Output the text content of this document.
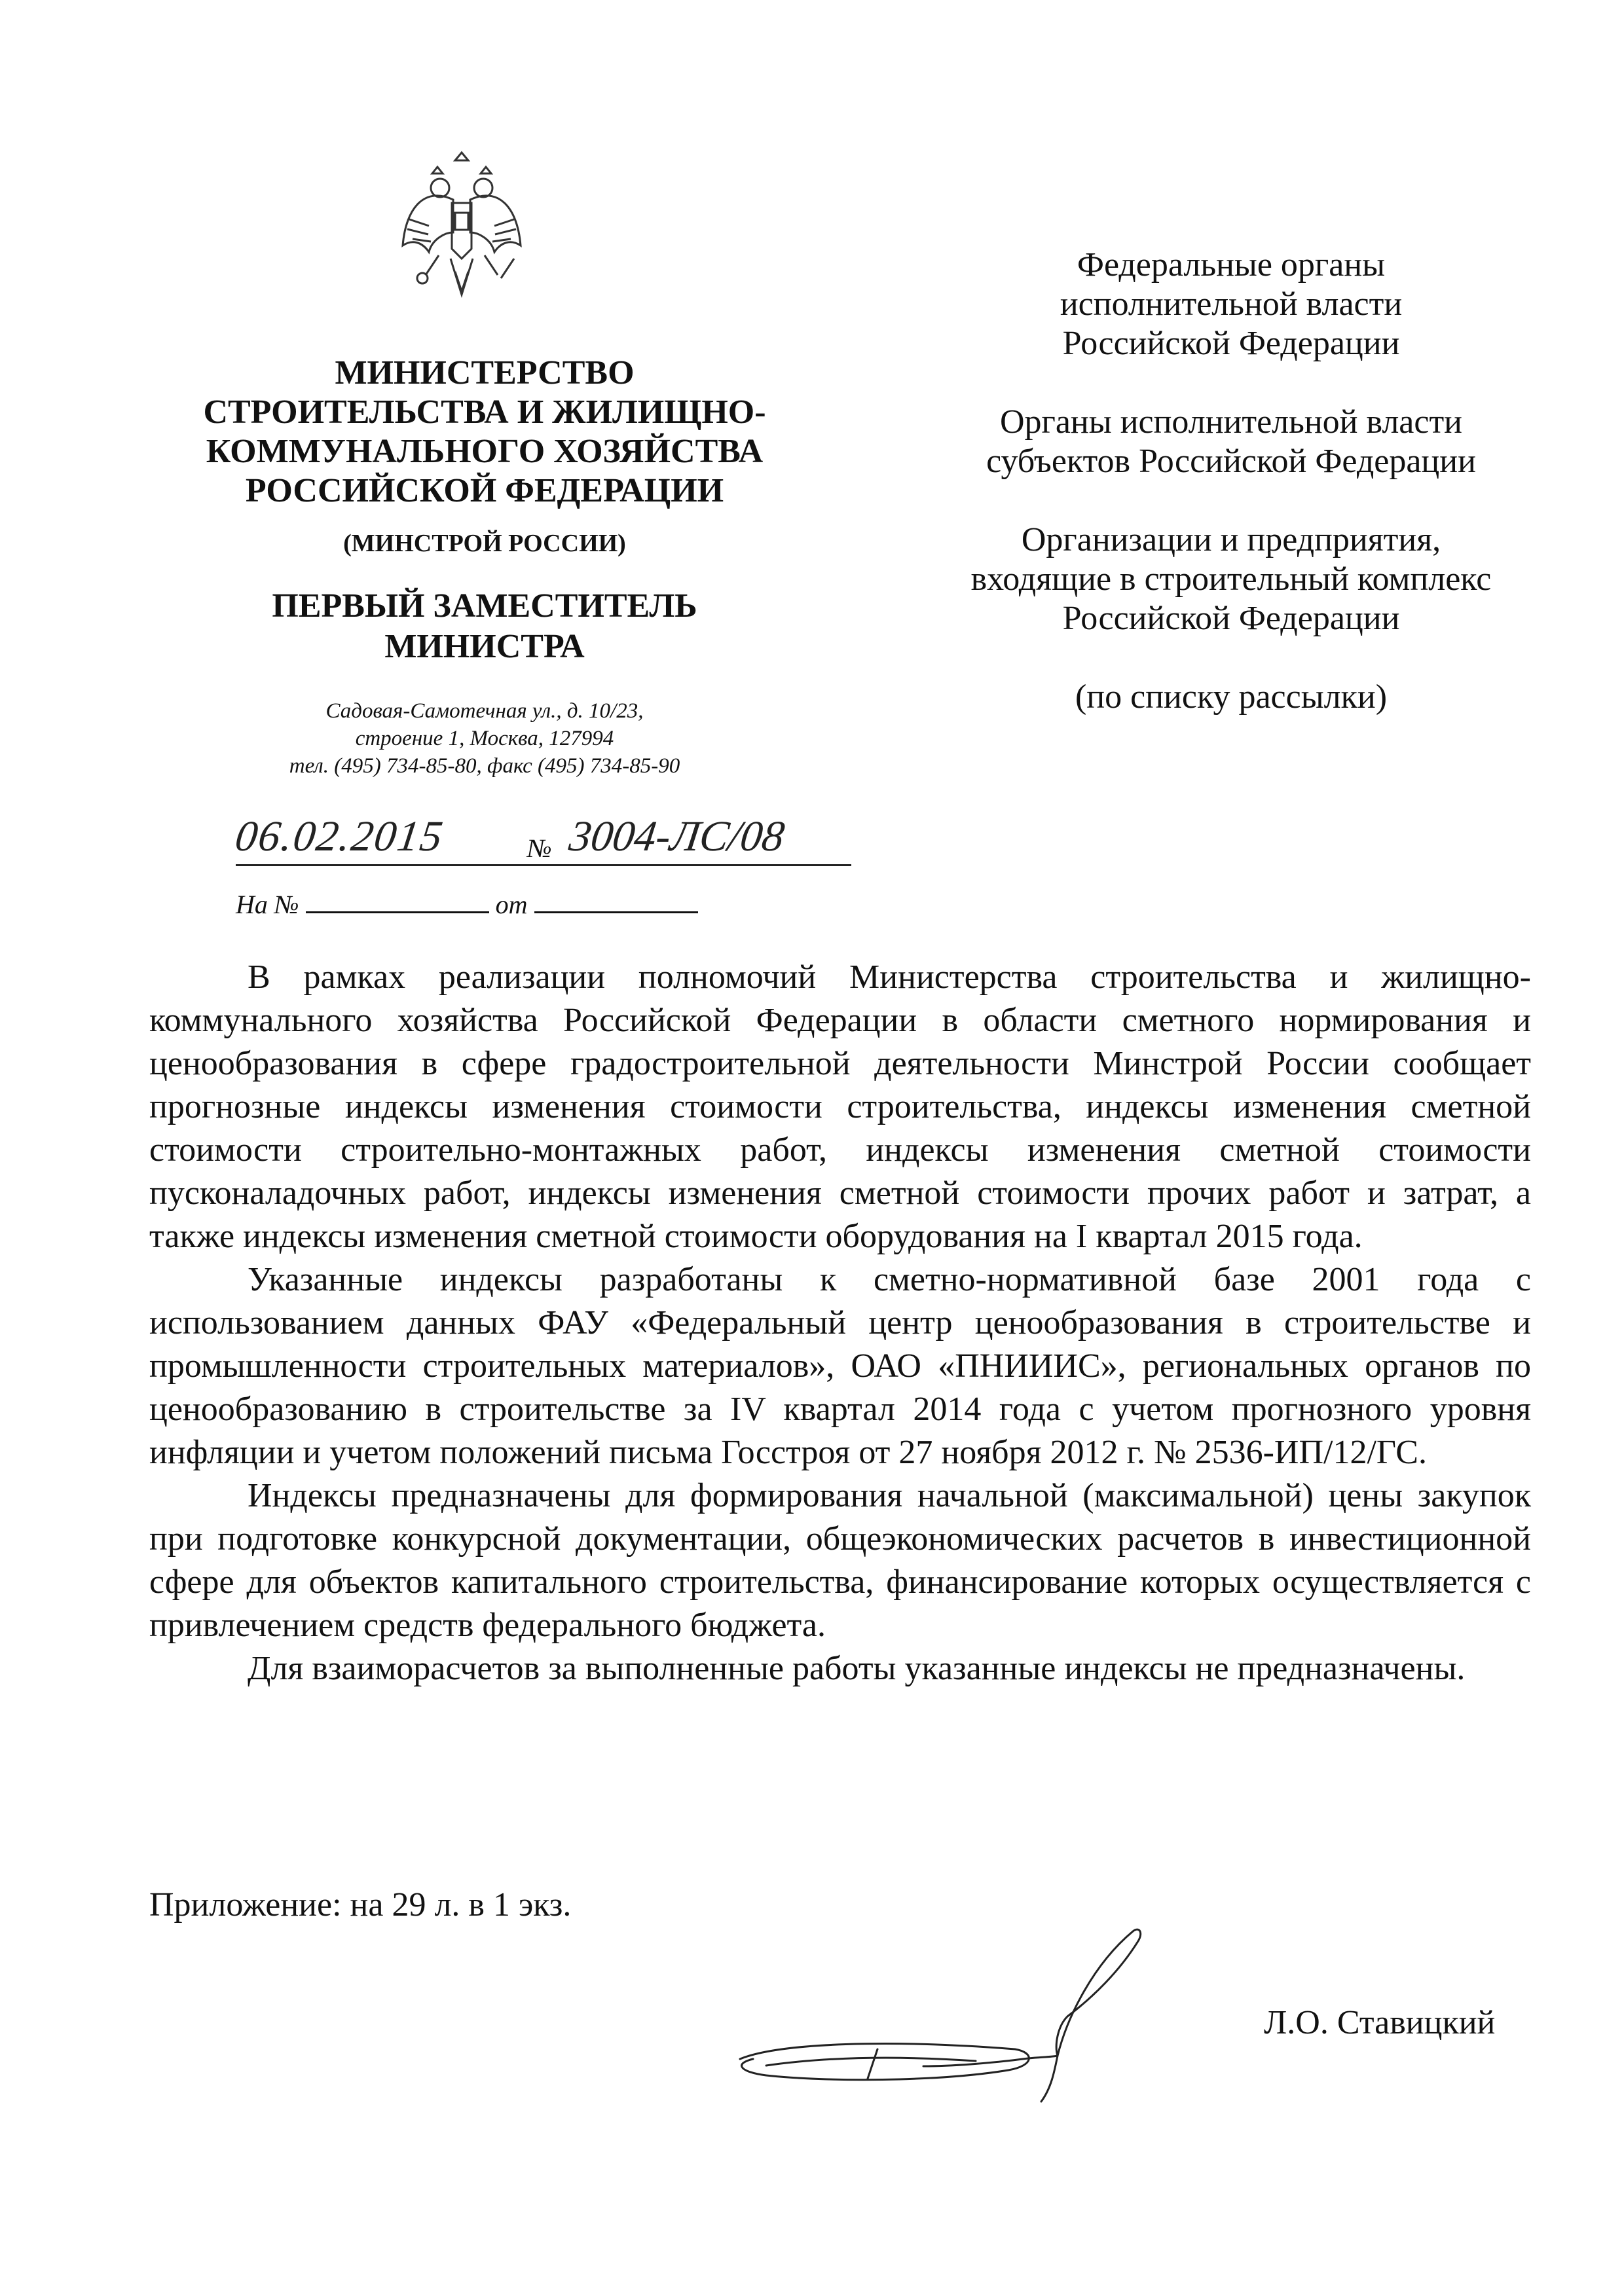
МИНИСТЕРСТВО
СТРОИТЕЛЬСТВА И ЖИЛИЩНО-
КОММУНАЛЬНОГО ХОЗЯЙСТВА
РОССИЙСКОЙ ФЕДЕРАЦИИ
(МИНСТРОЙ РОССИИ)
ПЕРВЫЙ ЗАМЕСТИТЕЛЬ
МИНИСТРА
Садовая-Самотечная ул., д. 10/23,
строение 1, Москва, 127994
тел. (495) 734-85-80, факс (495) 734-85-90

Федеральные органы
исполнительной власти
Российской Федерации

Органы исполнительной власти
субъектов Российской Федерации

Организации и предприятия,
входящие в строительный комплекс
Российской Федерации

(по списку рассылки)

06.02.2015	№ 3004-ЛС/08
На №	от

В рамках реализации полномочий Министерства строительства и жилищно-коммунального хозяйства Российской Федерации в области сметного нормирования и ценообразования в сфере градостроительной деятельности Минстрой России сообщает прогнозные индексы изменения стоимости строительства, индексы изменения сметной стоимости строительно-монтажных работ, индексы изменения сметной стоимости пусконаладочных работ, индексы изменения сметной стоимости прочих работ и затрат, а также индексы изменения сметной стоимости оборудования на I квартал 2015 года.

Указанные индексы разработаны к сметно-нормативной базе 2001 года с использованием данных ФАУ «Федеральный центр ценообразования в строительстве и промышленности строительных материалов», ОАО «ПНИИИС», региональных органов по ценообразованию в строительстве за IV квартал 2014 года с учетом прогнозного уровня инфляции и учетом положений письма Госстроя от 27 ноября 2012 г. № 2536-ИП/12/ГС.

Индексы предназначены для формирования начальной (максимальной) цены закупок при подготовке конкурсной документации, общеэкономических расчетов в инвестиционной сфере для объектов капитального строительства, финансирование которых осуществляется с привлечением средств федерального бюджета.

Для взаиморасчетов за выполненные работы указанные индексы не предназначены.

Приложение: на 29 л. в 1 экз.
Л.О. Ставицкий
